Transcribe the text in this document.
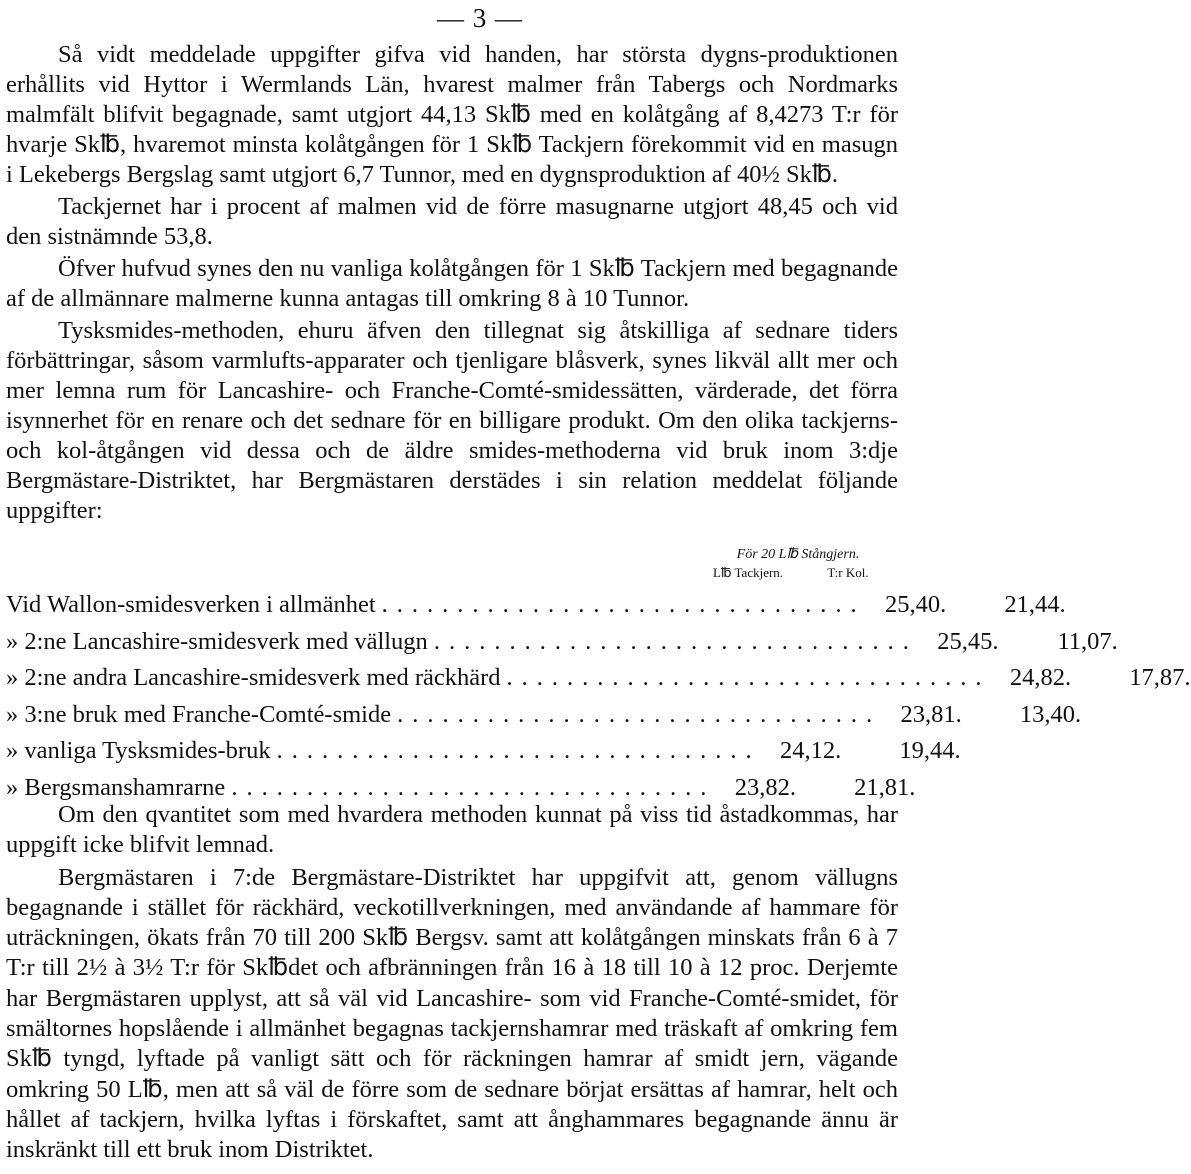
— 3 —

Så vidt meddelade uppgifter gifva vid handen, har största dygns-produktionen erhållits vid Hyttor i Wermlands Län, hvarest malmer från Tabergs och Nordmarks malmfält blifvit begagnade, samt utgjort 44,13 Sk℔ med en kolåtgång af 8,4273 T:r för hvarje Sk℔, hvaremot minsta kolåtgången för 1 Sk℔ Tackjern förekommit vid en masugn i Lekebergs Bergslag samt utgjort 6,7 Tunnor, med en dygnsproduktion af 40½ Sk℔.

Tackjernet har i procent af malmen vid de förre masugnarne utgjort 48,45 och vid den sistnämnde 53,8.

Öfver hufvud synes den nu vanliga kolåtgången för 1 Sk℔ Tackjern med begagnande af de allmännare malmerne kunna antagas till omkring 8 à 10 Tunnor.

Tysksmides-methoden, ehuru äfven den tillegnat sig åtskilliga af sednare tiders förbättringar, såsom varmlufts-apparater och tjenligare blåsverk, synes likväl allt mer och mer lemna rum för Lancashire- och Franche-Comté-smidessätten, värderade, det förra isynnerhet för en renare och det sednare för en billigare produkt. Om den olika tackjerns- och kol-åtgången vid dessa och de äldre smides-methoderna vid bruk inom 3:dje Bergmästare-Distriktet, har Bergmästaren derstädes i sin relation meddelat följande uppgifter:

För 20 L℔ Stångjern.
L℔ Tackjern.	T:r Kol.
Vid Wallon-smidesverken i allmänhet ................................ 25,40.	21,44.
» 2:ne Lancashire-smidesverk med vällugn ................................ 25,45.	11,07.
» 2:ne andra Lancashire-smidesverk med räckhärd ................................ 24,82.	17,87.
» 3:ne bruk med Franche-Comté-smide ................................ 23,81.	13,40.
» vanliga Tysksmides-bruk ................................ 24,12.	19,44.
» Bergsmanshamrarne ................................ 23,82.	21,81.

Om den qvantitet som med hvardera methoden kunnat på viss tid åstadkommas, har uppgift icke blifvit lemnad.

Bergmästaren i 7:de Bergmästare-Distriktet har uppgifvit att, genom vällugns begagnande i stället för räckhärd, veckotillverkningen, med användande af hammare för uträckningen, ökats från 70 till 200 Sk℔ Bergsv. samt att kolåtgången minskats från 6 à 7 T:r till 2½ à 3½ T:r för Sk℔det och afbränningen från 16 à 18 till 10 à 12 proc. Derjemte har Bergmästaren upplyst, att så väl vid Lancashire- som vid Franche-Comté-smidet, för smältornes hopslående i allmänhet begagnas tackjernshamrar med träskaft af omkring fem Sk℔ tyngd, lyftade på vanligt sätt och för räckningen hamrar af smidt jern, vägande omkring 50 L℔, men att så väl de förre som de sednare börjat ersättas af hamrar, helt och hållet af tackjern, hvilka lyftas i förskaftet, samt att ånghammares begagnande ännu är inskränkt till ett bruk inom Distriktet.
